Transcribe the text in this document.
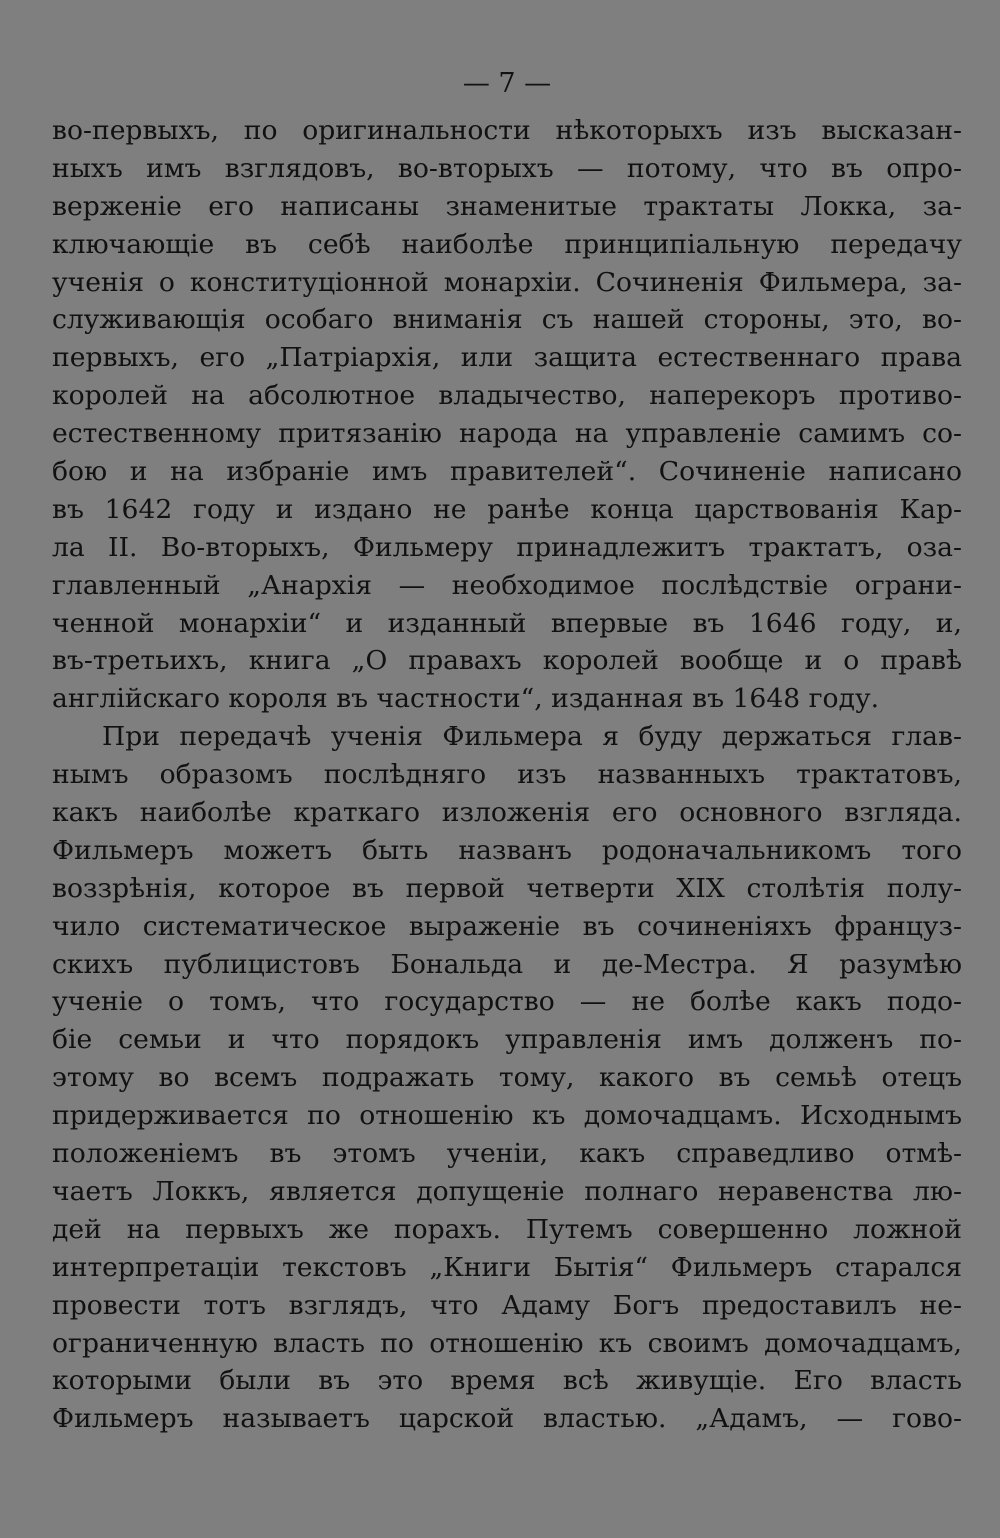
— 7 —
во-первыхъ, по оригинальности нѣкоторыхъ изъ высказан-
ныхъ имъ взглядовъ, во-вторыхъ — потому, что въ опро-
верженіе его написаны знаменитые трактаты Локка, за-
ключающіе въ себѣ наиболѣе принципіальную передачу
ученія о конституціонной монархіи. Сочиненія Фильмера, за-
служивающія особаго вниманія съ нашей стороны, это, во-
первыхъ, его „Патріархія, или защита естественнаго права
королей на абсолютное владычество, наперекоръ противо-
естественному притязанію народа на управленіе самимъ со-
бою и на избраніе имъ правителей“. Сочиненіе написано
въ 1642 году и издано не ранѣе конца царствованія Кар-
ла II. Во-вторыхъ, Фильмеру принадлежитъ трактатъ, оза-
главленный „Анархія — необходимое послѣдствіе ограни-
ченной монархіи“ и изданный впервые въ 1646 году, и,
въ-третьихъ, книга „О правахъ королей вообще и о правѣ
англійскаго короля въ частности“, изданная въ 1648 году.
При передачѣ ученія Фильмера я буду держаться глав-
нымъ образомъ послѣдняго изъ названныхъ трактатовъ,
какъ наиболѣе краткаго изложенія его основного взгляда.
Фильмеръ можетъ быть названъ родоначальникомъ того
воззрѣнія, которое въ первой четверти XIX столѣтія полу-
чило систематическое выраженіе въ сочиненіяхъ француз-
скихъ публицистовъ Бональда и де-Местра. Я разумѣю
ученіе о томъ, что государство — не болѣе какъ подо-
біе семьи и что порядокъ управленія имъ долженъ по-
этому во всемъ подражать тому, какого въ семьѣ отецъ
придерживается по отношенію къ домочадцамъ. Исходнымъ
положеніемъ въ этомъ ученіи, какъ справедливо отмѣ-
чаетъ Локкъ, является допущеніе полнаго неравенства лю-
дей на первыхъ же порахъ. Путемъ совершенно ложной
интерпретаціи текстовъ „Книги Бытія“ Фильмеръ старался
провести тотъ взглядъ, что Адаму Богъ предоставилъ не-
ограниченную власть по отношенію къ своимъ домочадцамъ,
которыми были въ это время всѣ живущіе. Его власть
Фильмеръ называетъ царской властью. „Адамъ, — гово-
